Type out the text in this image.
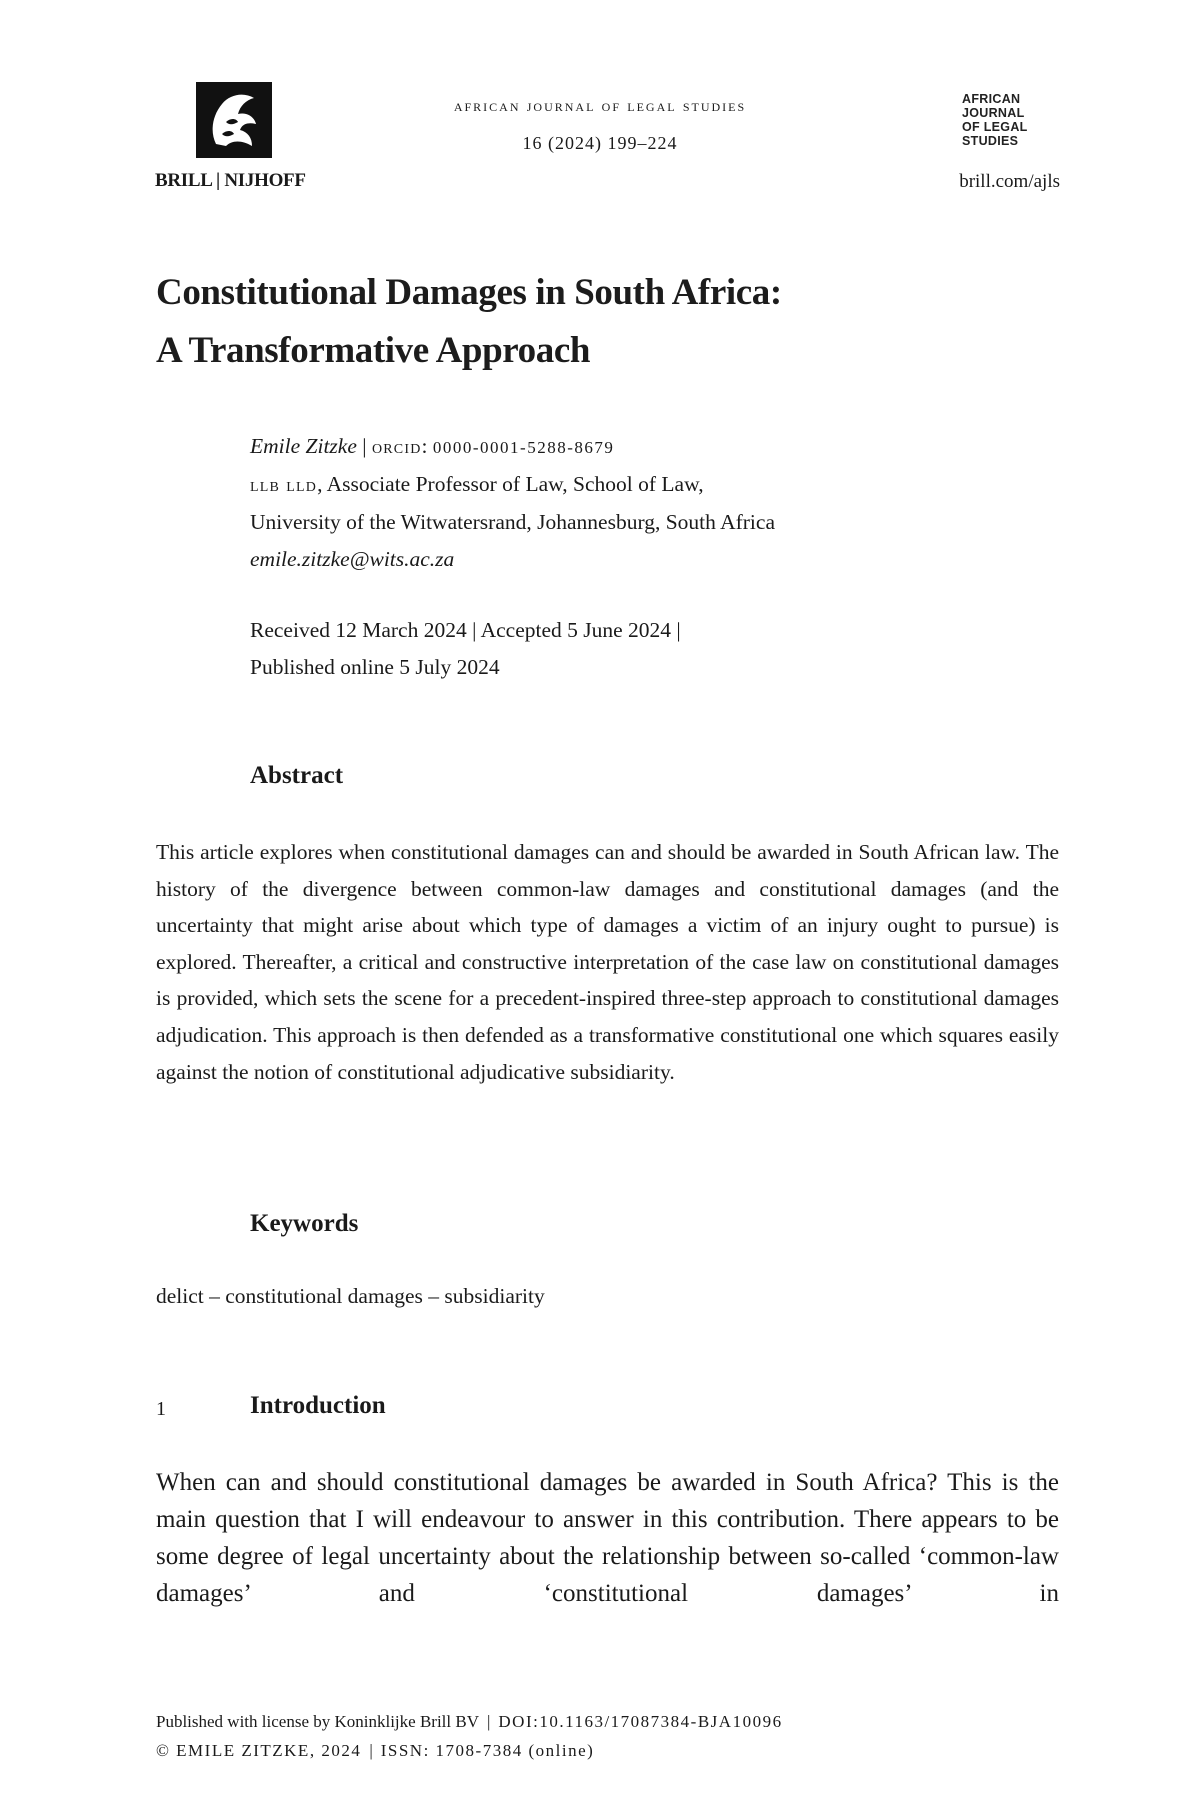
BRILL | NIJHOFF
african journal of legal studies
16 (2024) 199–224
AFRICAN
JOURNAL
OF LEGAL
STUDIES
brill.com/ajls
Constitutional Damages in South Africa:
A Transformative Approach
Emile Zitzke | orcid: 0000-0001-5288-8679
llb lld, Associate Professor of Law, School of Law,
University of the Witwatersrand, Johannesburg, South Africa
emile.zitzke@wits.ac.za
Received 12 March 2024 | Accepted 5 June 2024 |
Published online 5 July 2024
Abstract
This article explores when constitutional damages can and should be awarded in South African law. The history of the divergence between common-law damages and constitutional damages (and the uncertainty that might arise about which type of damages a victim of an injury ought to pursue) is explored. Thereafter, a critical and constructive interpretation of the case law on constitutional damages is provided, which sets the scene for a precedent-inspired three-step approach to constitutional damages adjudication. This approach is then defended as a transformative constitutional one which squares easily against the notion of constitutional adjudicative subsidiarity.
Keywords
delict – constitutional damages – subsidiarity
1	Introduction
When can and should constitutional damages be awarded in South Africa? This is the main question that I will endeavour to answer in this contribution. There appears to be some degree of legal uncertainty about the relationship between so-called ‘common-law damages’ and ‘constitutional damages’ in
Published with license by Koninklijke Brill BV | DOI:10.1163/17087384-BJA10096
© EMILE ZITZKE, 2024 | ISSN: 1708-7384 (online)
